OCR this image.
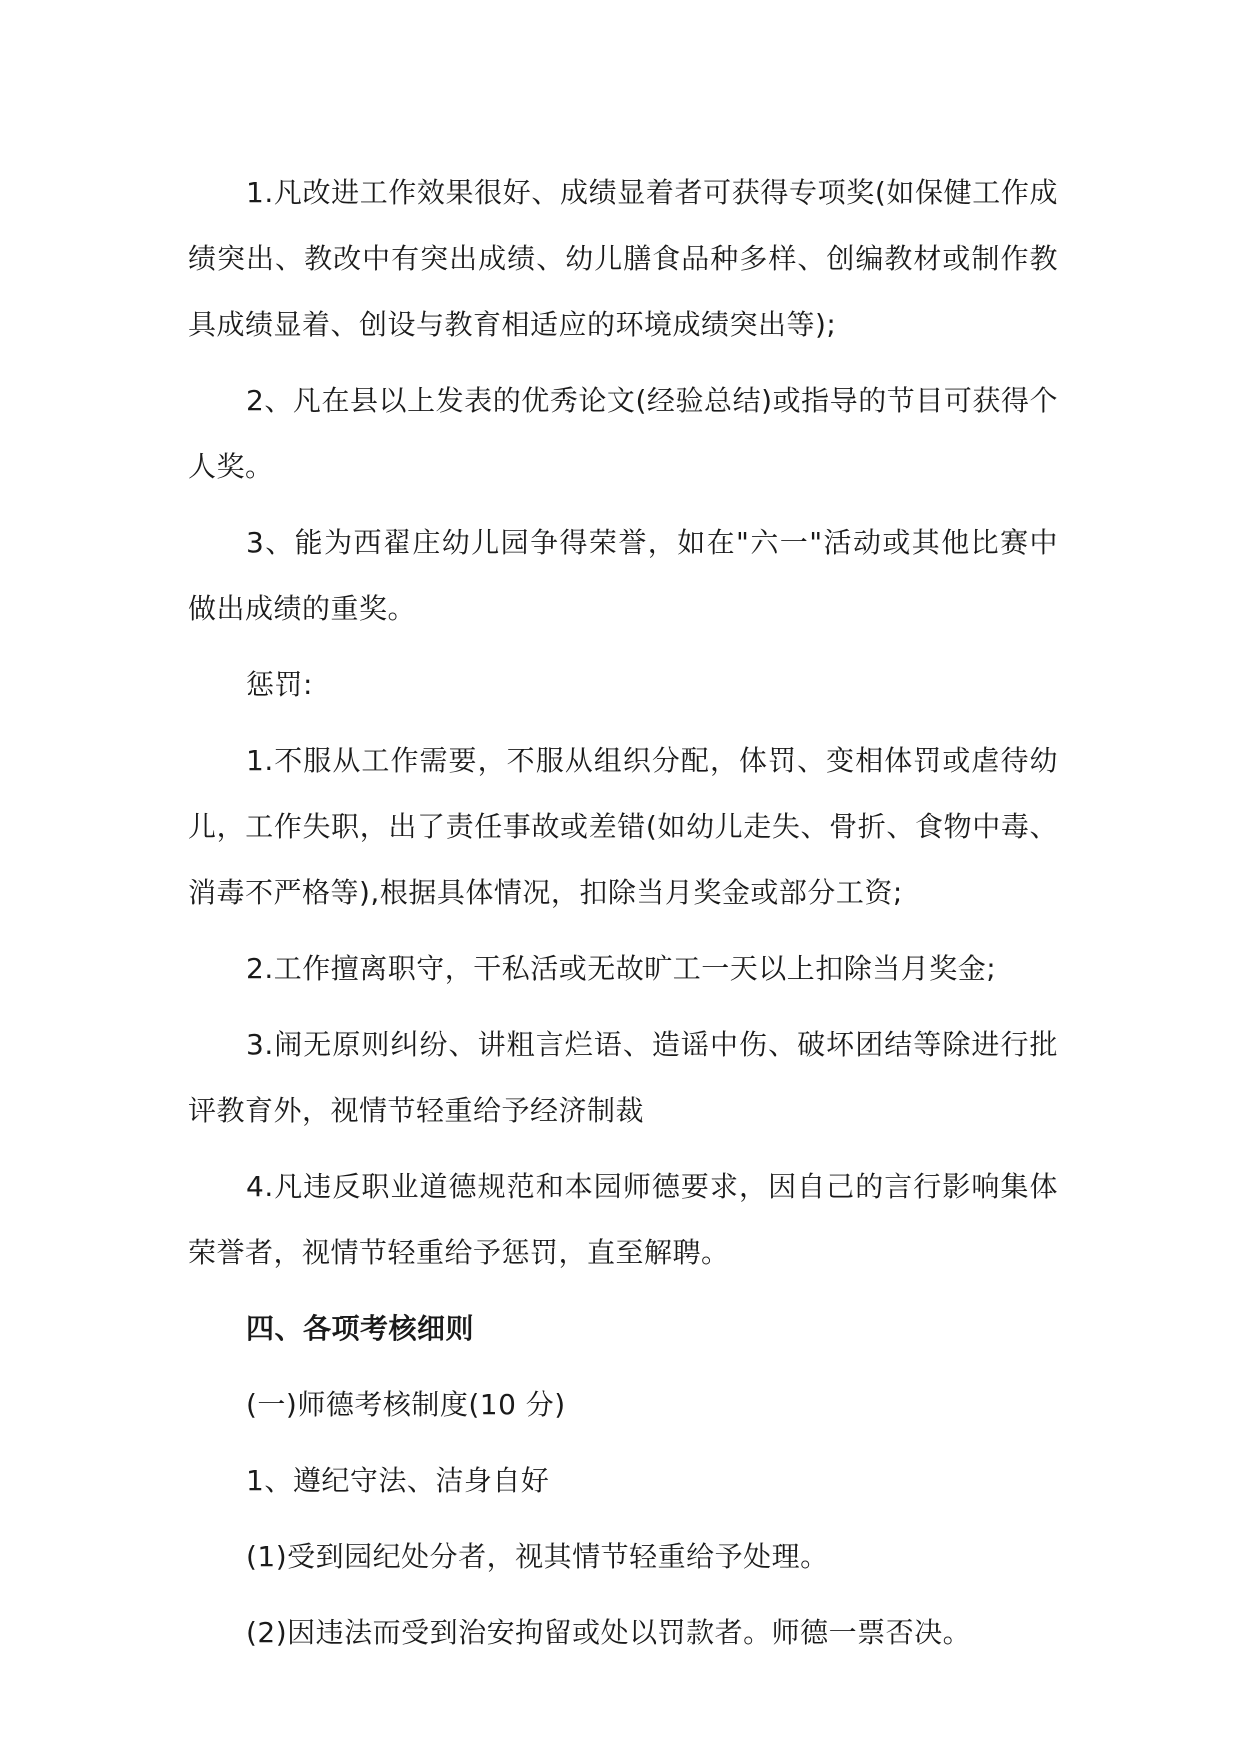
1.凡改进工作效果很好、成绩显着者可获得专项奖(如保健工作成绩突出、教改中有突出成绩、幼儿膳食品种多样、创编教材或制作教具成绩显着、创设与教育相适应的环境成绩突出等);

2、凡在县以上发表的优秀论文(经验总结)或指导的节目可获得个人奖。

3、能为西翟庄幼儿园争得荣誉，如在"六一"活动或其他比赛中做出成绩的重奖。

惩罚:

1.不服从工作需要，不服从组织分配，体罚、变相体罚或虐待幼儿，工作失职，出了责任事故或差错(如幼儿走失、骨折、食物中毒、消毒不严格等),根据具体情况，扣除当月奖金或部分工资;

2.工作擅离职守，干私活或无故旷工一天以上扣除当月奖金;

3.闹无原则纠纷、讲粗言烂语、造谣中伤、破坏团结等除进行批评教育外，视情节轻重给予经济制裁

4.凡违反职业道德规范和本园师德要求，因自己的言行影响集体荣誉者，视情节轻重给予惩罚，直至解聘。

四、各项考核细则

(一)师德考核制度(10 分)

1、遵纪守法、洁身自好

(1)受到园纪处分者，视其情节轻重给予处理。

(2)因违法而受到治安拘留或处以罚款者。师德一票否决。
